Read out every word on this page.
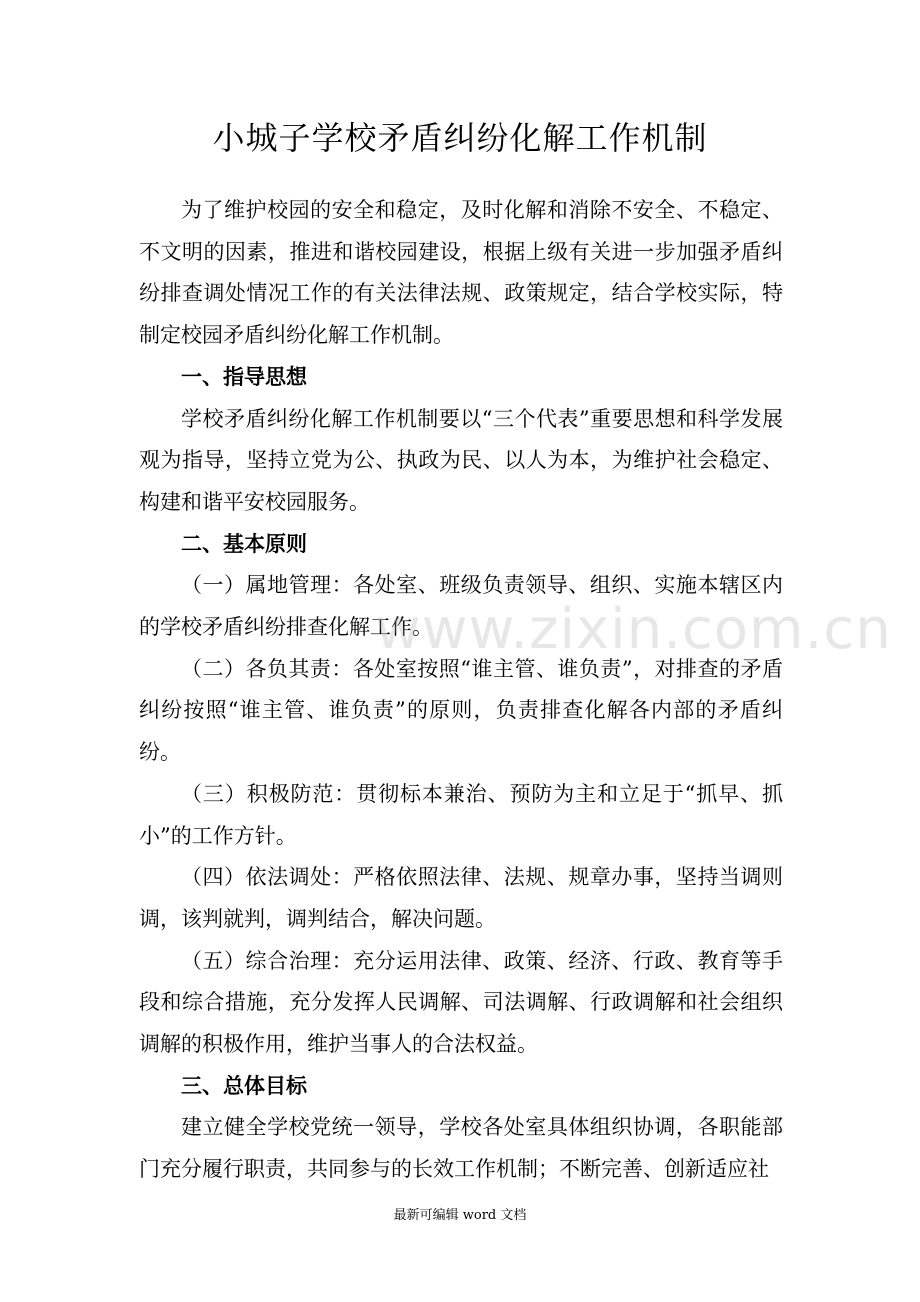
小城子学校矛盾纠纷化解工作机制

为了维护校园的安全和稳定，及时化解和消除不安全、不稳定、不文明的因素，推进和谐校园建设，根据上级有关进一步加强矛盾纠纷排查调处情况工作的有关法律法规、政策规定，结合学校实际，特制定校园矛盾纠纷化解工作机制。

一、指导思想

学校矛盾纠纷化解工作机制要以“三个代表”重要思想和科学发展观为指导，坚持立党为公、执政为民、以人为本，为维护社会稳定、构建和谐平安校园服务。

二、基本原则

（一）属地管理：各处室、班级负责领导、组织、实施本辖区内的学校矛盾纠纷排查化解工作。

（二）各负其责：各处室按照“谁主管、谁负责”，对排查的矛盾纠纷按照“谁主管、谁负责”的原则，负责排查化解各内部的矛盾纠纷。

（三）积极防范：贯彻标本兼治、预防为主和立足于“抓早、抓小”的工作方针。

（四）依法调处：严格依照法律、法规、规章办事，坚持当调则调，该判就判，调判结合，解决问题。

（五）综合治理：充分运用法律、政策、经济、行政、教育等手段和综合措施，充分发挥人民调解、司法调解、行政调解和社会组织调解的积极作用，维护当事人的合法权益。

三、总体目标

建立健全学校党统一领导，学校各处室具体组织协调，各职能部门充分履行职责，共同参与的长效工作机制；不断完善、创新适应社

www.zixin.com.cn
最新可编辑 word 文档
